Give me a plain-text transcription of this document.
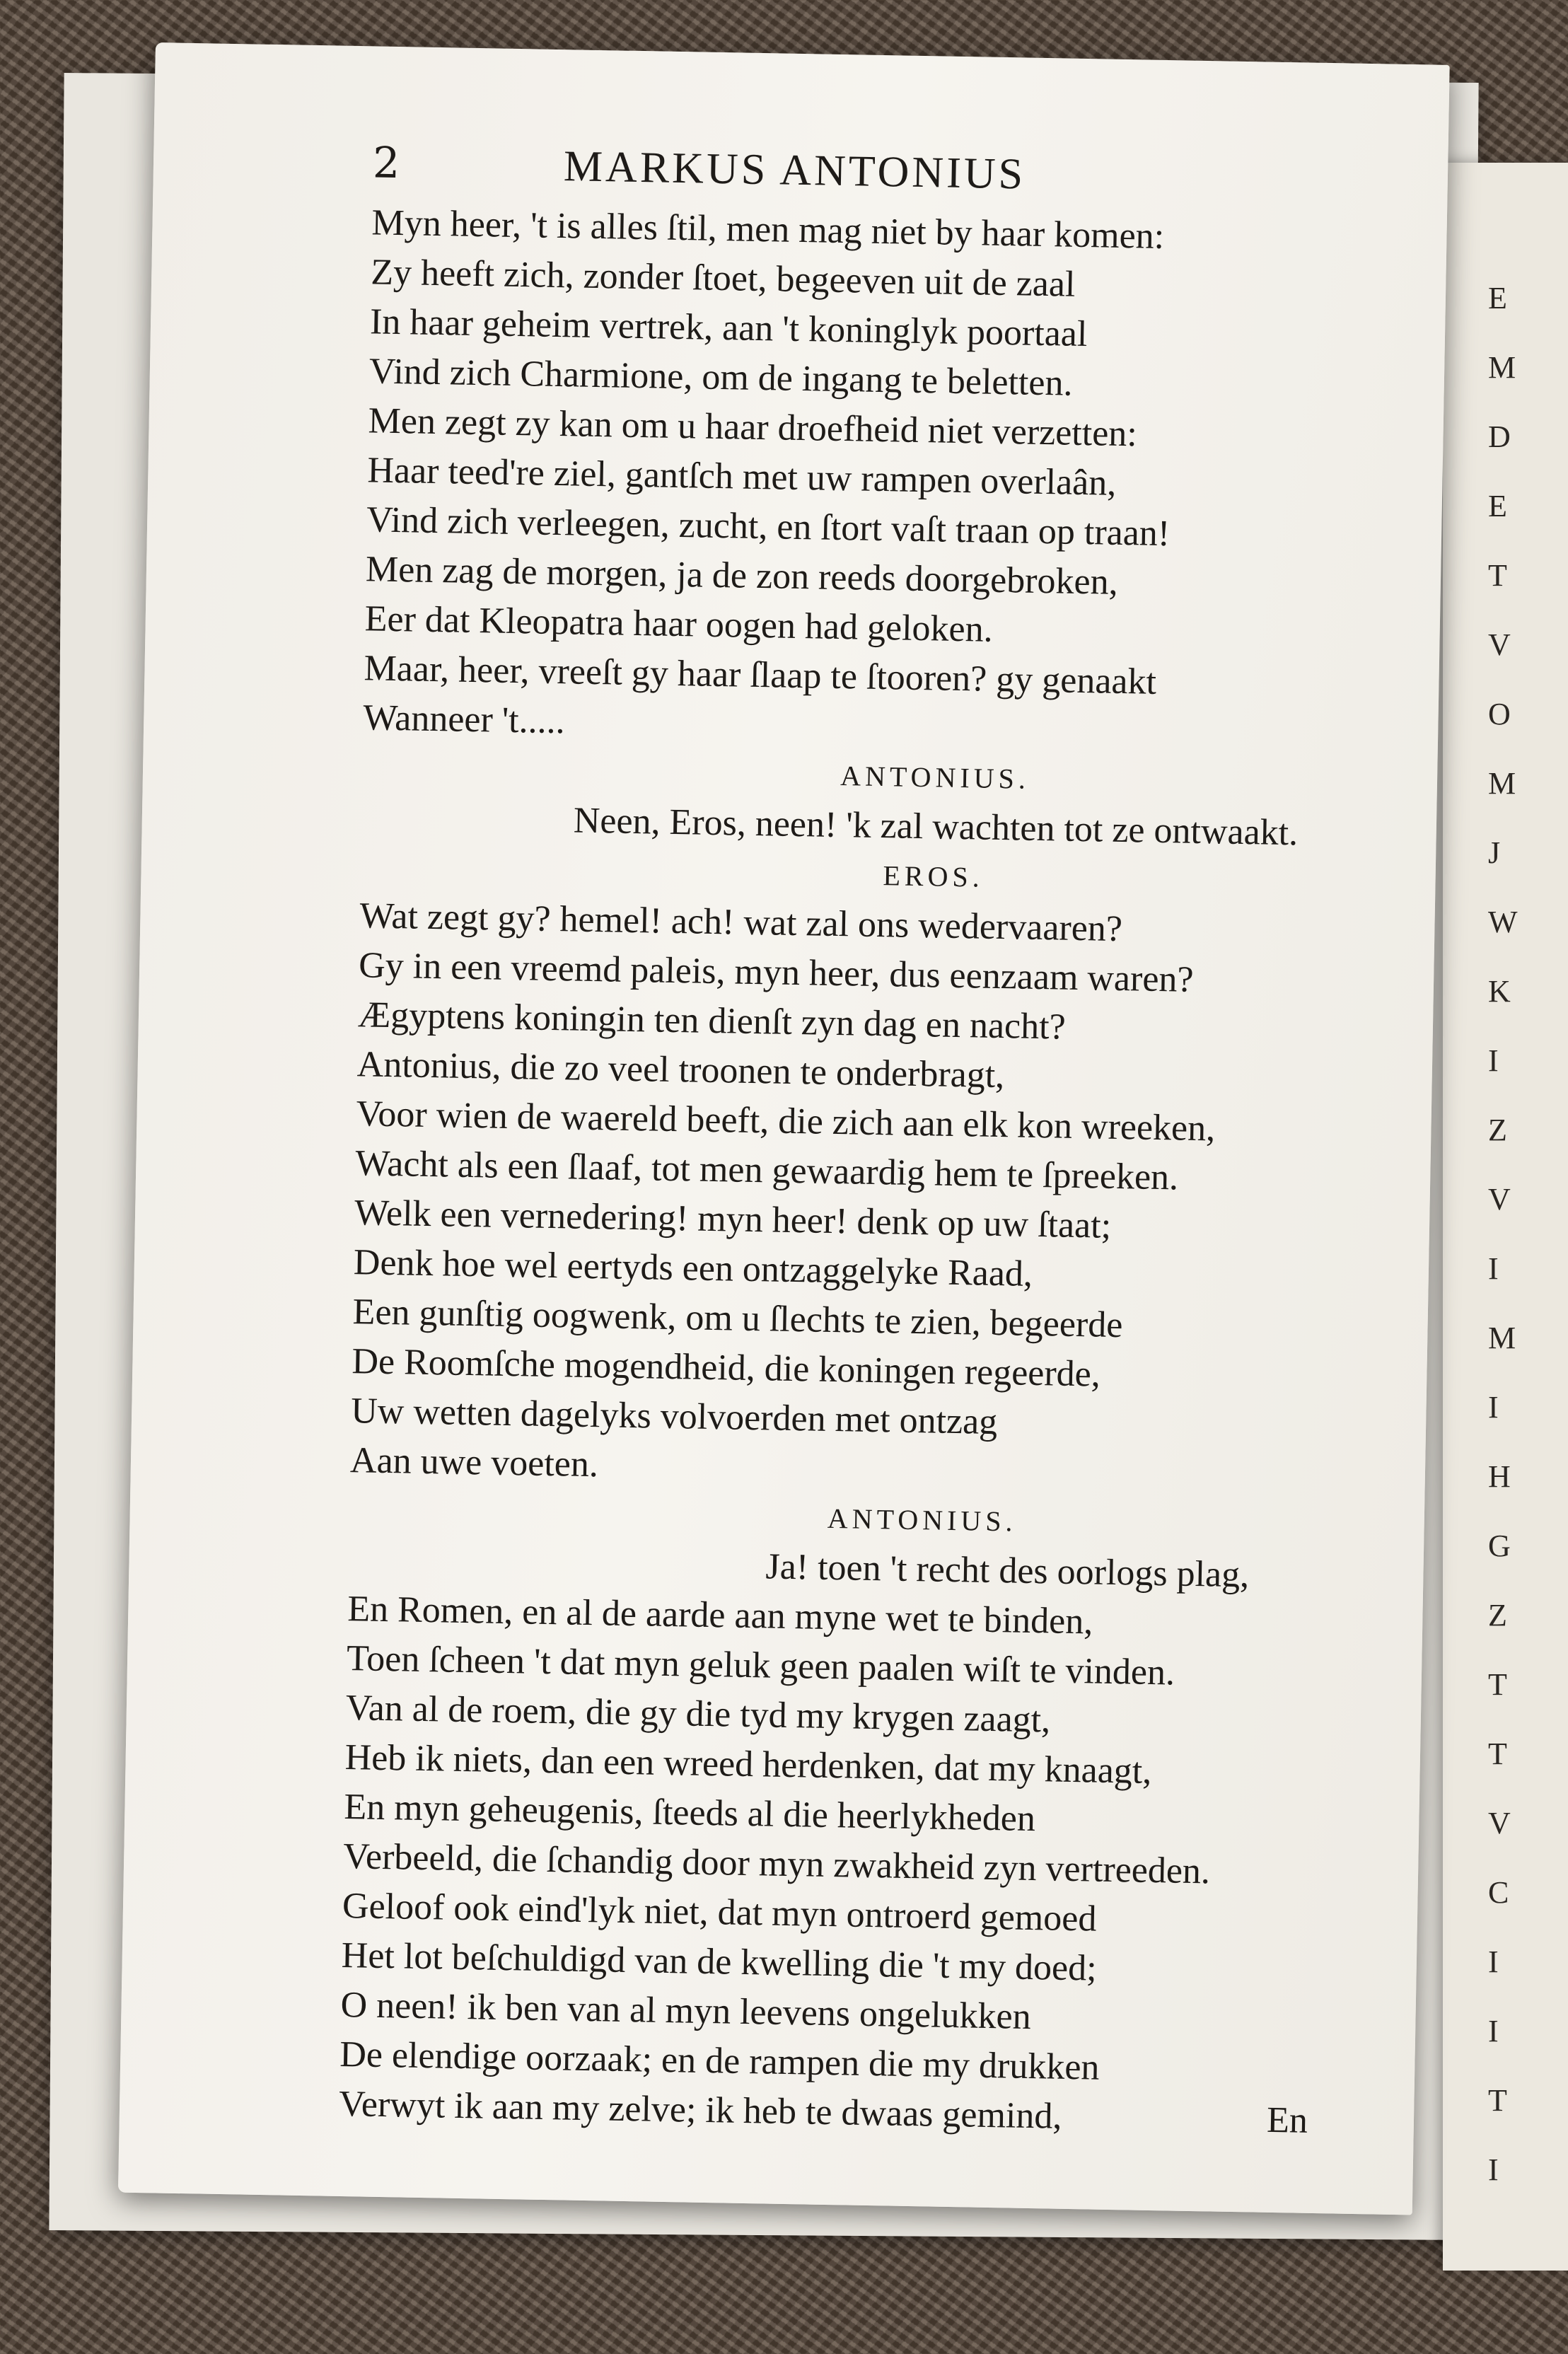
E
M
D
E
T
V
O
M
J
W
K
I
Z
V
I
M
I
H
G
Z
T
T
V
C
I
I
T
I
2	MARKUS ANTONIUS
Myn heer, 't is alles ſtil, men mag niet by haar komen:
Zy heeft zich, zonder ſtoet, begeeven uit de zaal
In haar geheim vertrek, aan 't koninglyk poortaal
Vind zich Charmione, om de ingang te beletten.
Men zegt zy kan om u haar droefheid niet verzetten:
Haar teed're ziel, gantſch met uw rampen overlaân,
Vind zich verleegen, zucht, en ſtort vaſt traan op traan!
Men zag de morgen, ja de zon reeds doorgebroken,
Eer dat Kleopatra haar oogen had geloken.
Maar, heer, vreeſt gy haar ſlaap te ſtooren? gy genaakt
Wanneer 't.....
ANTONIUS.
Neen, Eros, neen! 'k zal wachten tot ze ontwaakt.
EROS.
Wat zegt gy? hemel! ach! wat zal ons wedervaaren?
Gy in een vreemd paleis, myn heer, dus eenzaam waren?
Ægyptens koningin ten dienſt zyn dag en nacht?
Antonius, die zo veel troonen te onderbragt,
Voor wien de waereld beeft, die zich aan elk kon wreeken,
Wacht als een ſlaaf, tot men gewaardig hem te ſpreeken.
Welk een vernedering! myn heer! denk op uw ſtaat;
Denk hoe wel eertyds een ontzaggelyke Raad,
Een gunſtig oogwenk, om u ſlechts te zien, begeerde
De Roomſche mogendheid, die koningen regeerde,
Uw wetten dagelyks volvoerden met ontzag
Aan uwe voeten.
ANTONIUS.
Ja! toen 't recht des oorlogs plag,
En Romen, en al de aarde aan myne wet te binden,
Toen ſcheen 't dat myn geluk geen paalen wiſt te vinden.
Van al de roem, die gy die tyd my krygen zaagt,
Heb ik niets, dan een wreed herdenken, dat my knaagt,
En myn geheugenis, ſteeds al die heerlykheden
Verbeeld, die ſchandig door myn zwakheid zyn vertreeden.
Geloof ook eind'lyk niet, dat myn ontroerd gemoed
Het lot beſchuldigd van de kwelling die 't my doed;
O neen! ik ben van al myn leevens ongelukken
De elendige oorzaak; en de rampen die my drukken
Verwyt ik aan my zelve; ik heb te dwaas gemind,	En
